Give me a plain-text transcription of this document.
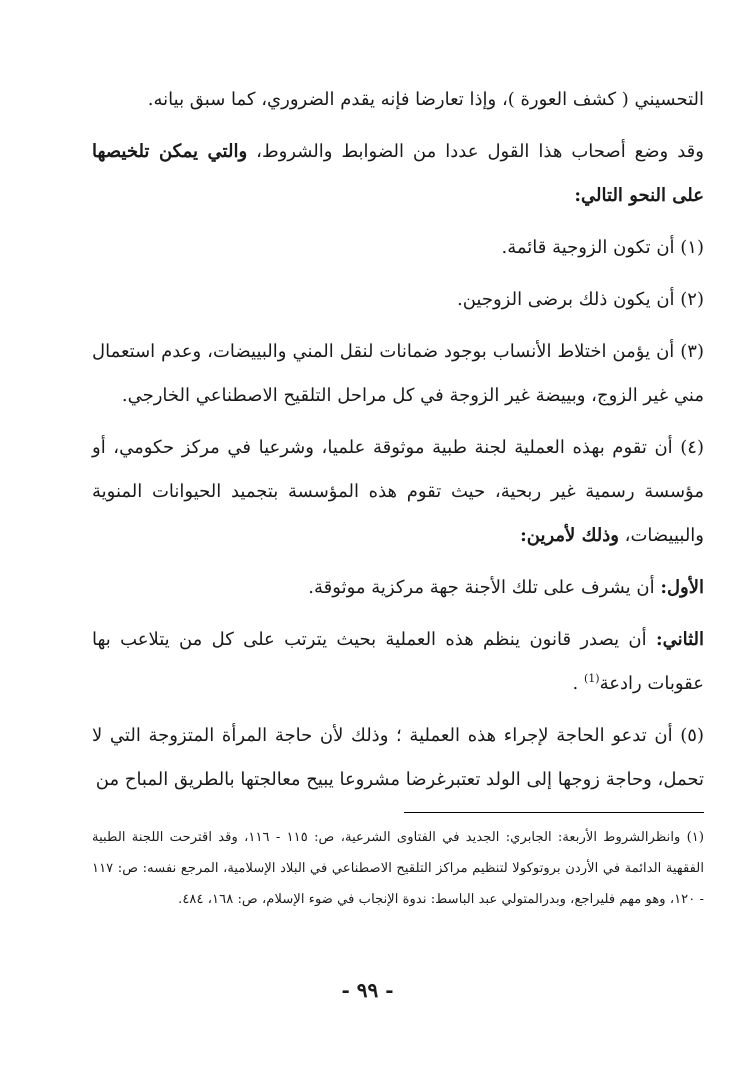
التحسيني ( كشف العورة )، وإذا تعارضا فإنه يقدم الضروري، كما سبق بيانه.

وقد وضع أصحاب هذا القول عددا من الضوابط والشروط، والتي يمكن تلخيصها على النحو التالي:

(١) أن تكون الزوجية قائمة.

(٢) أن يكون ذلك برضى الزوجين.

(٣) أن يؤمن اختلاط الأنساب بوجود ضمانات لنقل المني والبييضات، وعدم استعمال مني غير الزوج، وبييضة غير الزوجة في كل مراحل التلقيح الاصطناعي الخارجي.

(٤) أن تقوم بهذه العملية لجنة طبية موثوقة علميا، وشرعيا في مركز حكومي، أو مؤسسة رسمية غير ربحية، حيث تقوم هذه المؤسسة بتجميد الحيوانات المنوية والبييضات، وذلك لأمرين:

الأول: أن يشرف على تلك الأجنة جهة مركزية موثوقة.

الثاني: أن يصدر قانون ينظم هذه العملية بحيث يترتب على كل من يتلاعب بها عقوبات رادعة$^{(1)}$ .

(٥) أن تدعو الحاجة لإجراء هذه العملية ؛ وذلك لأن حاجة المرأة المتزوجة التي لا تحمل، وحاجة زوجها إلى الولد تعتبرغرضا مشروعا يبيح معالجتها بالطريق المباح من

(١) وانظرالشروط الأربعة: الجابري: الجديد في الفتاوى الشرعية، ص: ١١٥ - ١١٦، وقد اقترحت اللجنة الطبية الفقهية الدائمة في الأردن بروتوكولا لتنظيم مراكز التلقيح الاصطناعي في البلاد الإسلامية، المرجع نفسه: ص: ١١٧ - ١٢٠، وهو مهم فليراجع، وبدرالمتولي عبد الباسط: ندوة الإنجاب في ضوء الإسلام، ص: ١٦٨، ٤٨٤.

- ٩٩ -
